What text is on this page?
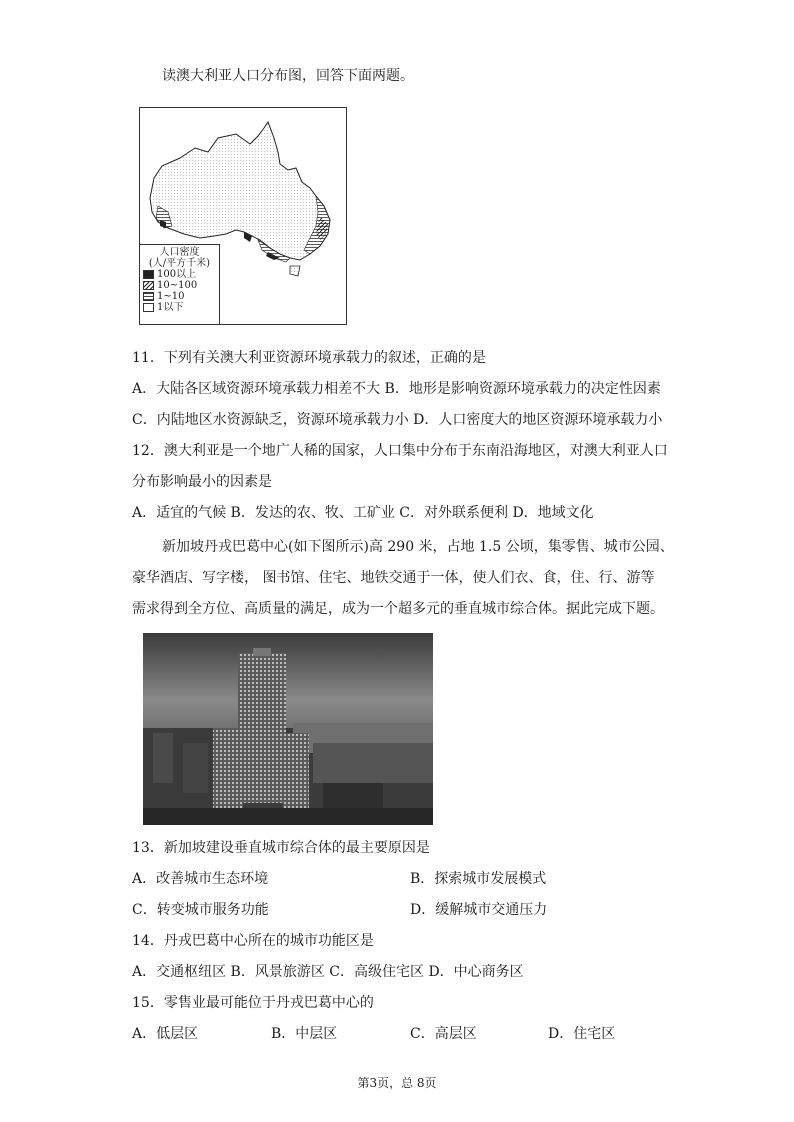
读澳大利亚人口分布图，回答下面两题。
人口密度
(人/平方千米)
100以上
10~100
1~10
1以下
11．下列有关澳大利亚资源环境承载力的叙述，正确的是
A．大陆各区域资源环境承载力相差不大 B．地形是影响资源环境承载力的决定性因素
C．内陆地区水资源缺乏，资源环境承载力小 D．人口密度大的地区资源环境承载力小
12．澳大利亚是一个地广人稀的国家，人口集中分布于东南沿海地区，对澳大利亚人口
分布影响最小的因素是
A．适宜的气候 B．发达的农、牧、工矿业 C．对外联系便利 D．地域文化
新加坡丹戎巴葛中心(如下图所示)高 290 米，占地 1.5 公顷，集零售、城市公园、
豪华酒店、写字楼， 图书馆、住宅、地铁交通于一体，使人们衣、食，住、行、游等
需求得到全方位、高质量的满足，成为一个超多元的垂直城市综合体。据此完成下题。
13．新加坡建设垂直城市综合体的最主要原因是
A．改善城市生态环境	B．探索城市发展模式
C．转变城市服务功能	D．缓解城市交通压力
14．丹戎巴葛中心所在的城市功能区是
A．交通枢纽区 B．风景旅游区 C．高级住宅区 D．中心商务区
15．零售业最可能位于丹戎巴葛中心的
A．低层区	B．中层区	C．高层区	D．住宅区
第3页，总 8页
